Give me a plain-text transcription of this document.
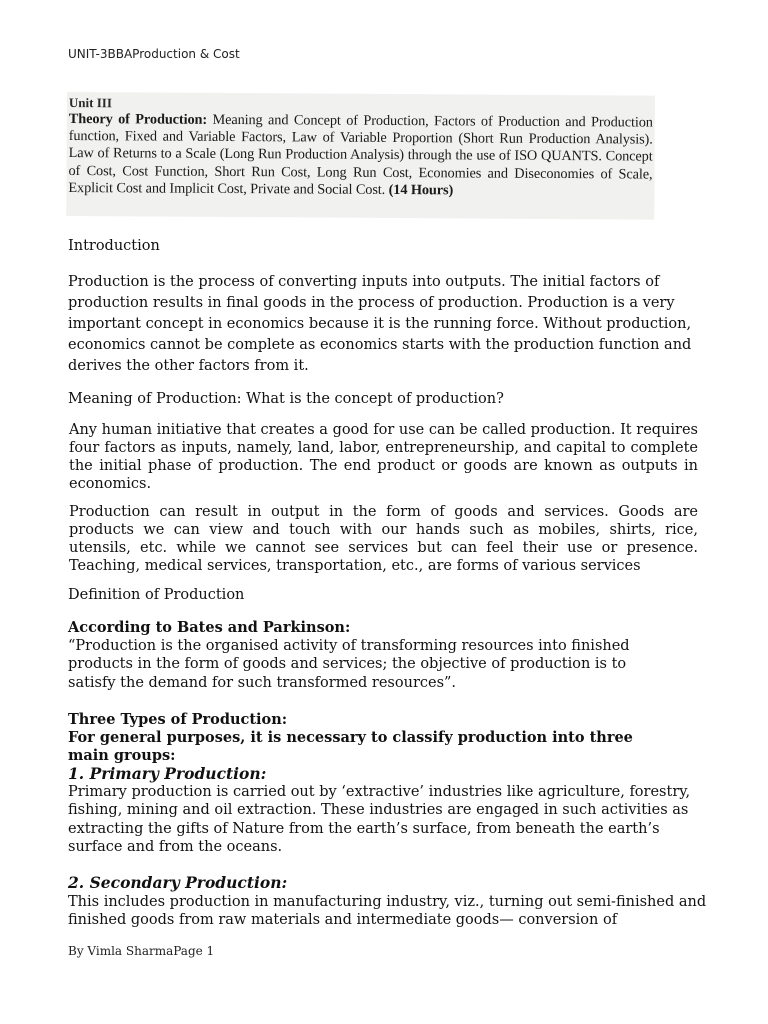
UNIT-3BBAProduction & Cost
Unit III
Theory of Production: Meaning and Concept of Production, Factors of Production and Production function, Fixed and Variable Factors, Law of Variable Proportion (Short Run Production Analysis). Law of Returns to a Scale (Long Run Production Analysis) through the use of ISO QUANTS. Concept of Cost, Cost Function, Short Run Cost, Long Run Cost, Economies and Diseconomies of Scale, Explicit Cost and Implicit Cost, Private and Social Cost. (14 Hours)
Introduction
Production is the process of converting inputs into outputs. The initial factors of production results in final goods in the process of production. Production is a very important concept in economics because it is the running force. Without production, economics cannot be complete as economics starts with the production function and derives the other factors from it.
Meaning of Production: What is the concept of production?
Any human initiative that creates a good for use can be called production. It requires four factors as inputs, namely, land, labor, entrepreneurship, and capital to complete the initial phase of production. The end product or goods are known as outputs in economics.
Production can result in output in the form of goods and services. Goods are products we can view and touch with our hands such as mobiles, shirts, rice, utensils, etc. while we cannot see services but can feel their use or presence. Teaching, medical services, transportation, etc., are forms of various services
Definition of Production
According to Bates and Parkinson:
“Production is the organised activity of transforming resources into finished products in the form of goods and services; the objective of production is to satisfy the demand for such transformed resources”.
Three Types of Production:
For general purposes, it is necessary to classify production into three main groups:
1. Primary Production:
Primary production is carried out by ‘extractive’ industries like agriculture, forestry, fishing, mining and oil extraction. These industries are engaged in such activities as extracting the gifts of Nature from the earth’s surface, from beneath the earth’s surface and from the oceans.
2. Secondary Production:
This includes production in manufacturing industry, viz., turning out semi-finished and finished goods from raw materials and intermediate goods— conversion of
By Vimla SharmaPage 1
